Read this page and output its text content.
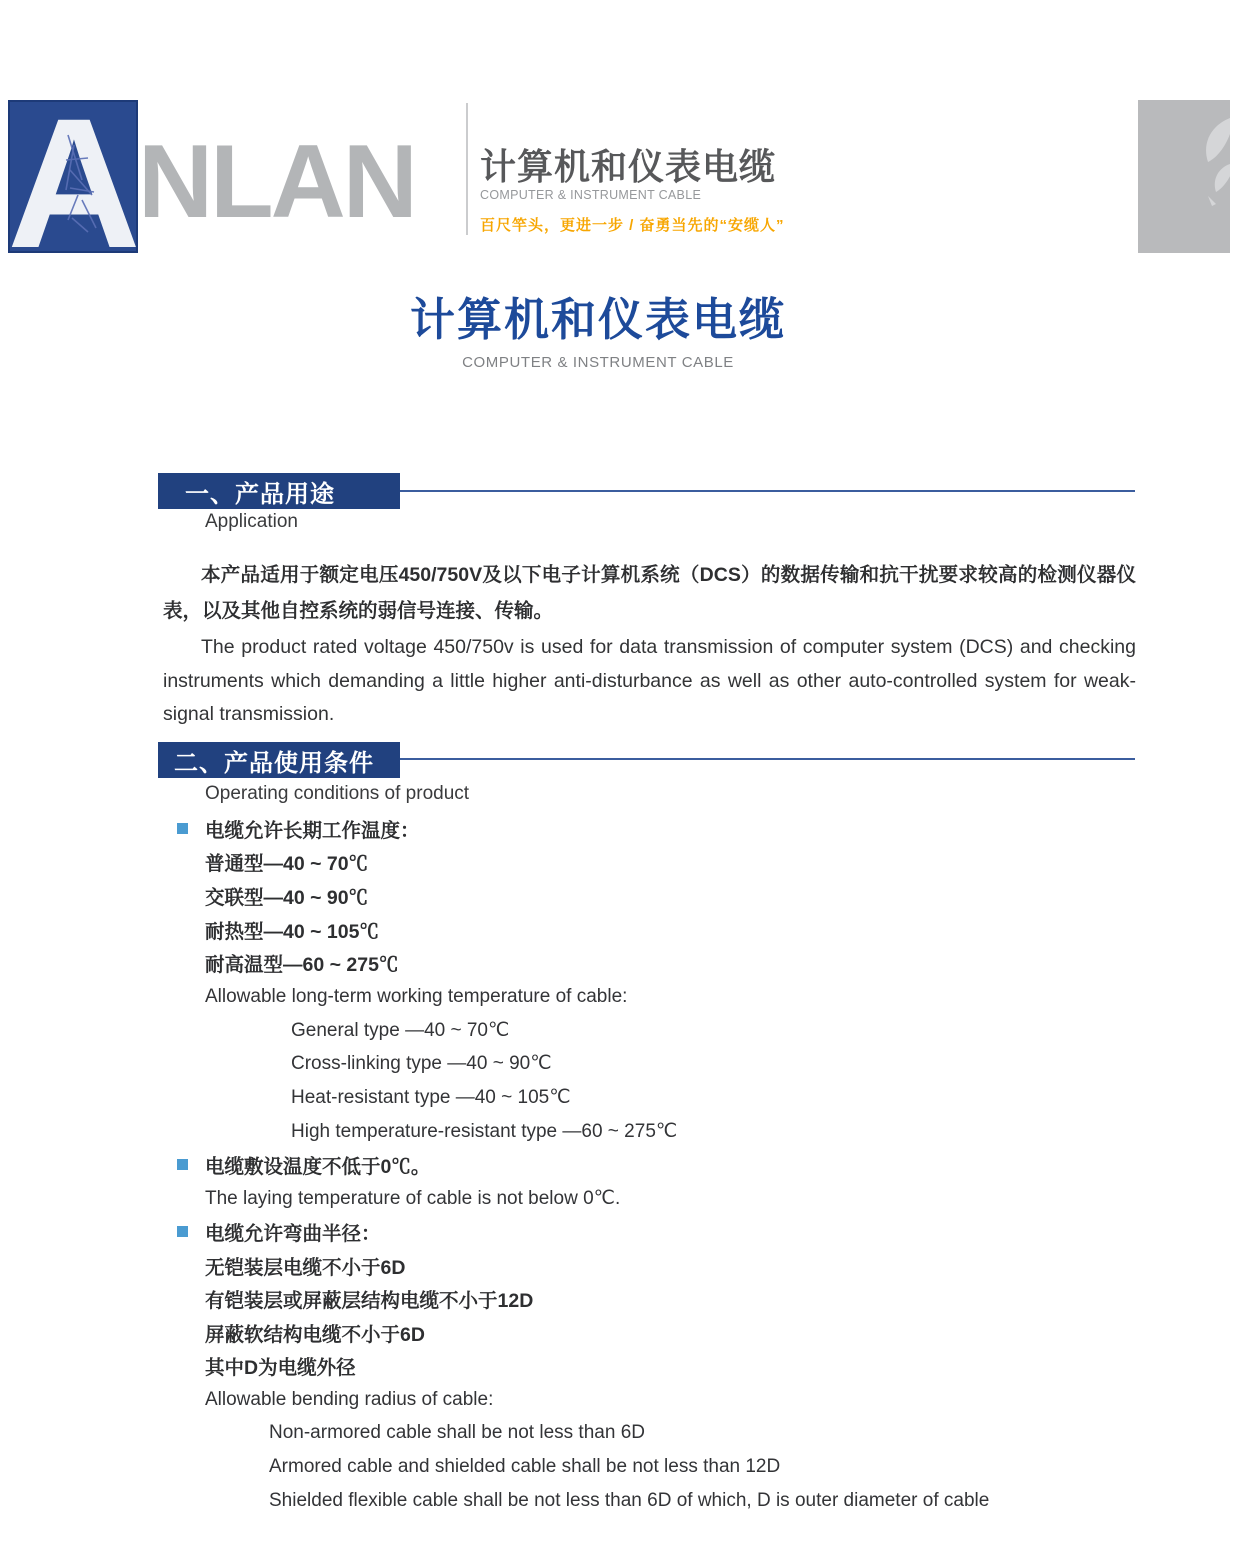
A
NLAN 计算机和仪表电缆
COMPUTER & INSTRUMENT CABLE
百尺竿头，更进一步 / 奋勇当先的“安缆人”
计算机和仪表电缆
COMPUTER & INSTRUMENT CABLE
一、产品用途
Application
本产品适用于额定电压450/750V及以下电子计算机系统（DCS）的数据传输和抗干扰要求较高的检测仪器仪表，以及其他自控系统的弱信号连接、传输。
The product rated voltage 450/750v is used for data transmission of computer system (DCS) and checking instruments which demanding a little higher anti-disturbance as well as other auto-controlled system for weak-signal transmission.
二、产品使用条件
Operating conditions of product
电缆允许长期工作温度：
普通型—40 ~ 70℃
交联型—40 ~ 90℃
耐热型—40 ~ 105℃
耐高温型—60 ~ 275℃
Allowable long-term working temperature of cable:
General type —40 ~ 70℃
Cross-linking type —40 ~ 90℃
Heat-resistant type —40 ~ 105℃
High temperature-resistant type —60 ~ 275℃
电缆敷设温度不低于0℃。
The laying temperature of cable is not below 0℃.
电缆允许弯曲半径：
无铠装层电缆不小于6D
有铠装层或屏蔽层结构电缆不小于12D
屏蔽软结构电缆不小于6D
其中D为电缆外径
Allowable bending radius of cable:
Non-armored cable shall be not less than 6D
Armored cable and shielded cable shall be not less than 12D
Shielded flexible cable shall be not less than 6D of which, D is outer diameter of cable
